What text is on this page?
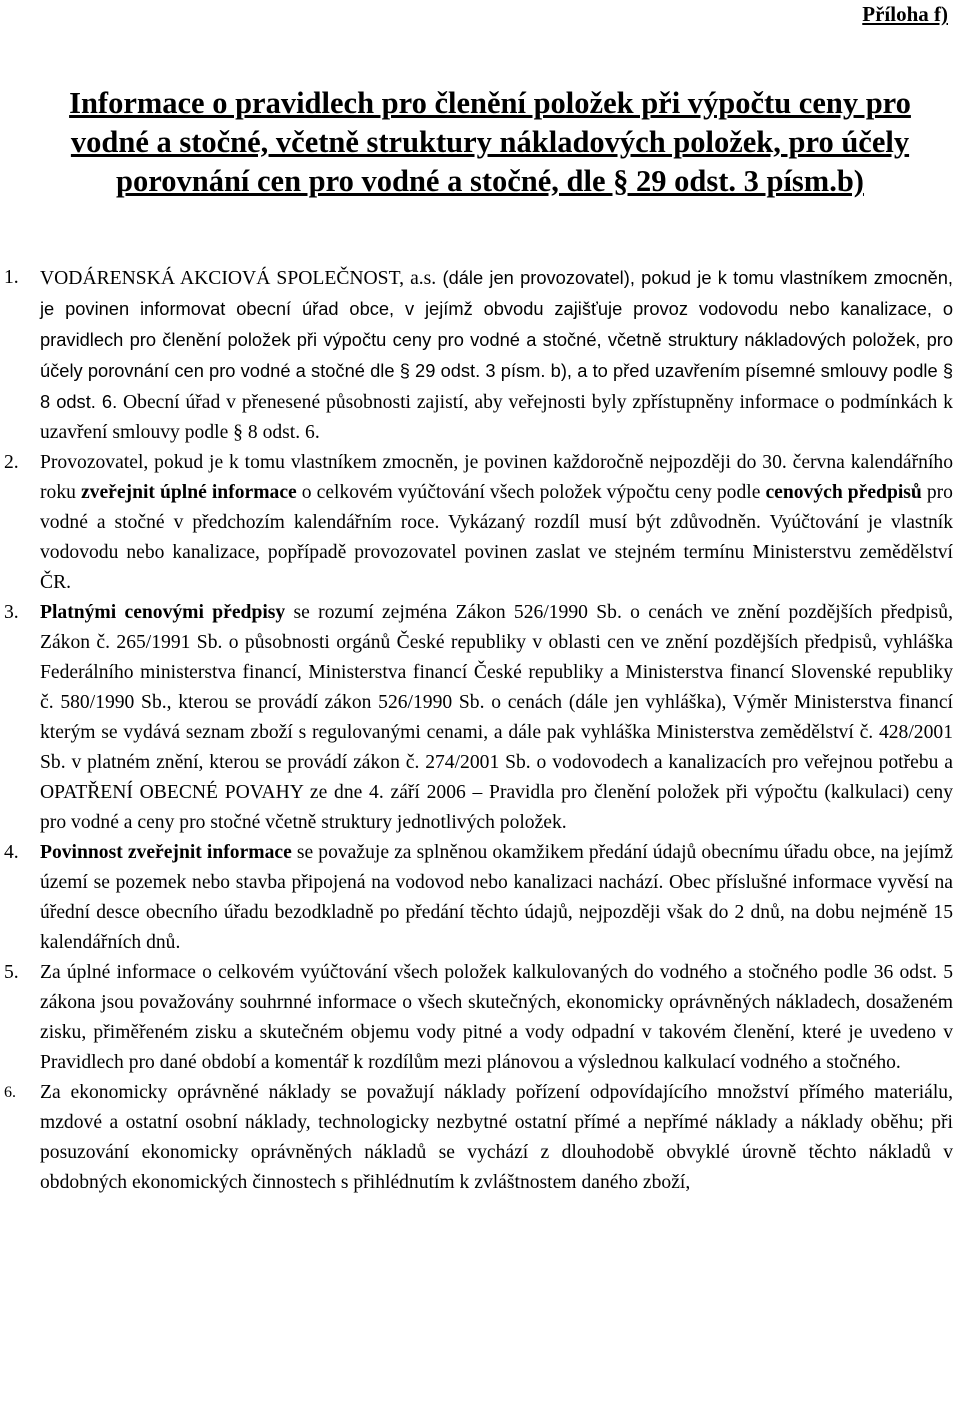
Příloha f)
Informace o pravidlech pro členění položek při výpočtu ceny pro
vodné a stočné, včetně struktury nákladových položek, pro účely
porovnání cen pro vodné a stočné, dle § 29 odst. 3 písm.b)
1. VODÁRENSKÁ AKCIOVÁ SPOLEČNOST, a.s. (dále jen provozovatel), pokud je k tomu vlastníkem zmocněn, je povinen informovat obecní úřad obce, v jejímž obvodu zajišťuje provoz vodovodu nebo kanalizace, o pravidlech pro členění položek při výpočtu ceny pro vodné a stočné, včetně struktury nákladových položek, pro účely porovnání cen pro vodné a stočné dle § 29 odst. 3 písm. b), a to před uzavřením písemné smlouvy podle § 8 odst. 6. Obecní úřad v přenesené působnosti zajistí, aby veřejnosti byly zpřístupněny informace o podmínkách k uzavření smlouvy podle § 8 odst. 6.
2. Provozovatel, pokud je k tomu vlastníkem zmocněn, je povinen každoročně nejpozději do 30. června kalendářního roku zveřejnit úplné informace o celkovém vyúčtování všech položek výpočtu ceny podle cenových předpisů pro vodné a stočné v předchozím kalendářním roce. Vykázaný rozdíl musí být zdůvodněn. Vyúčtování je vlastník vodovodu nebo kanalizace, popřípadě provozovatel povinen zaslat ve stejném termínu Ministerstvu zemědělství ČR.
3. Platnými cenovými předpisy se rozumí zejména Zákon 526/1990 Sb. o cenách ve znění pozdějších předpisů, Zákon č. 265/1991 Sb. o působnosti orgánů České republiky v oblasti cen ve znění pozdějších předpisů, vyhláška Federálního ministerstva financí, Ministerstva financí České republiky a Ministerstva financí Slovenské republiky č. 580/1990 Sb., kterou se provádí zákon 526/1990 Sb. o cenách (dále jen vyhláška), Výměr Ministerstva financí kterým se vydává seznam zboží s regulovanými cenami, a dále pak vyhláška Ministerstva zemědělství č. 428/2001 Sb. v platném znění, kterou se provádí zákon č. 274/2001 Sb. o vodovodech a kanalizacích pro veřejnou potřebu a OPATŘENÍ OBECNÉ POVAHY ze dne 4. září 2006 – Pravidla pro členění položek při výpočtu (kalkulaci) ceny pro vodné a ceny pro stočné včetně struktury jednotlivých položek.
4. Povinnost zveřejnit informace se považuje za splněnou okamžikem předání údajů obecnímu úřadu obce, na jejímž území se pozemek nebo stavba připojená na vodovod nebo kanalizaci nachází. Obec příslušné informace vyvěsí na úřední desce obecního úřadu bezodkladně po předání těchto údajů, nejpozději však do 2 dnů, na dobu nejméně 15 kalendářních dnů.
5. Za úplné informace o celkovém vyúčtování všech položek kalkulovaných do vodného a stočného podle 36 odst. 5 zákona jsou považovány souhrnné informace o všech skutečných, ekonomicky oprávněných nákladech, dosaženém zisku, přiměřeném zisku a skutečném objemu vody pitné a vody odpadní v takovém členění, které je uvedeno v Pravidlech pro dané období a komentář k rozdílům mezi plánovou a výslednou kalkulací vodného a stočného.
6. Za ekonomicky oprávněné náklady se považují náklady pořízení odpovídajícího množství přímého materiálu, mzdové a ostatní osobní náklady, technologicky nezbytné ostatní přímé a nepřímé náklady a náklady oběhu; při posuzování ekonomicky oprávněných nákladů se vychází z dlouhodobě obvyklé úrovně těchto nákladů v obdobných ekonomických činnostech s přihlédnutím k zvláštnostem daného zboží,
